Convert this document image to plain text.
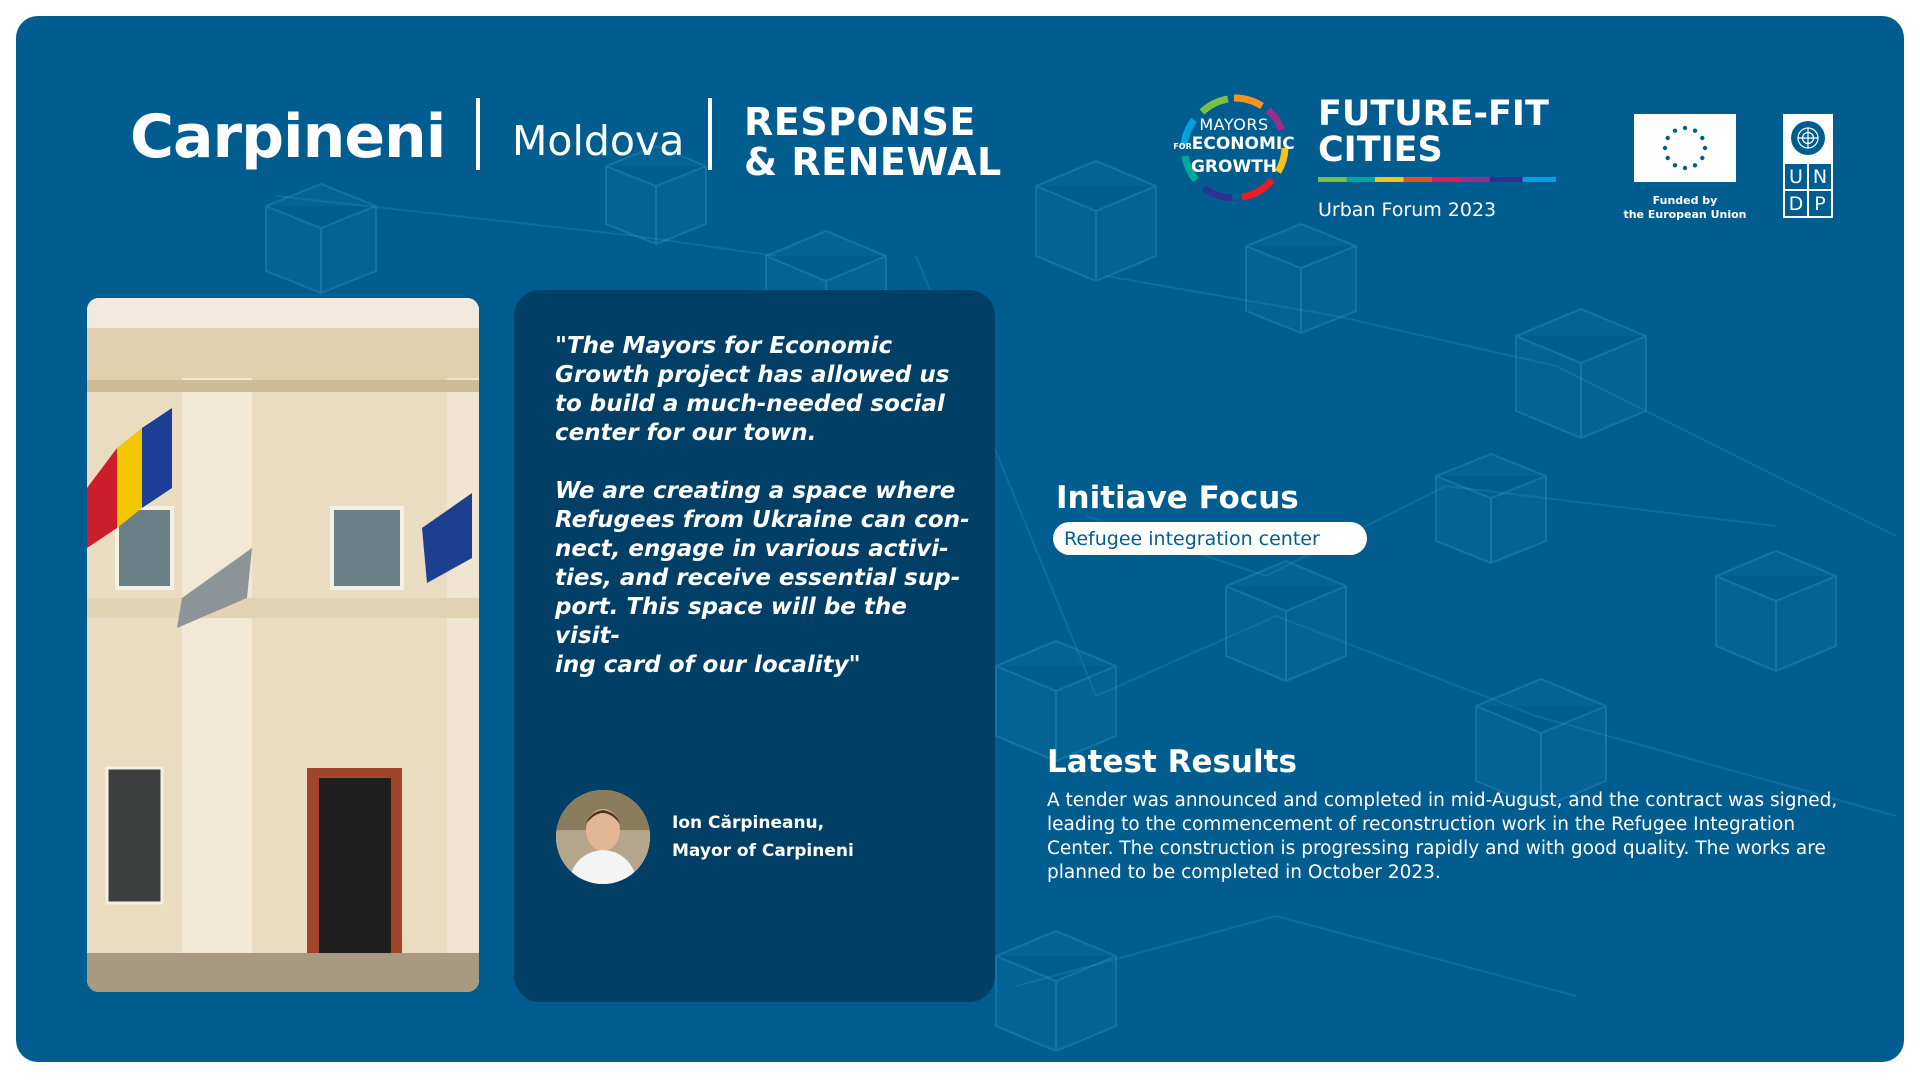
Carpineni Moldova RESPONSE
& RENEWAL
MAYORS
FORECONOMIC
GROWTH
FUTURE-FIT
CITIES
Urban Forum 2023	Funded by
the European Union
U N
D P
"The Mayors for Economic
Growth project has allowed us
to build a much-needed social
center for our town.

We are creating a space where
Refugees from Ukraine can con-
nect, engage in various activi-
ties, and receive essential sup-
port. This space will be the visit-
ing card of our locality"
Ion Cărpineanu,
Mayor of Carpineni
Initiave Focus
Refugee integration center
Latest Results
A tender was announced and completed in mid-August, and the contract was signed, leading to the commencement of reconstruction work in the Refugee Integration Center. The construction is progressing rapidly and with good quality. The works are planned to be completed in October 2023.
